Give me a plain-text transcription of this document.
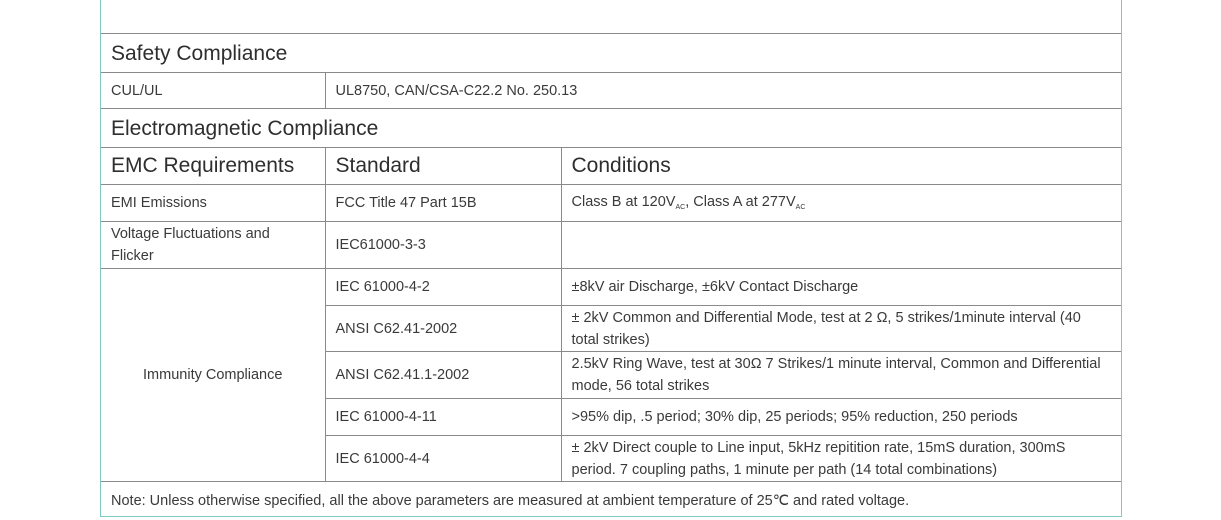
Safety Compliance		
CUL/UL	UL8750, CAN/CSA-C22.2 No. 250.13	
Electromagnetic Compliance		
EMC Requirements	Standard	Conditions
EMI Emissions	FCC Title 47 Part 15B	Class B at $120V_{AC}$, Class A at $277V_{AC}$
Voltage Fluctuations and Flicker	IEC61000-3-3	
Immunity Compliance	IEC 61000-4-2	±8kV air Discharge, ±6kV Contact Discharge
	ANSI C62.41-2002	± 2kV Common and Differential Mode, test at 2 Ω, 5 strikes/1minute interval (40 total strikes)
	ANSI C62.41.1-2002	2.5kV Ring Wave, test at 30Ω 7 Strikes/1 minute interval, Common and Differential mode, 56 total strikes
	IEC 61000-4-11	>95% dip, .5 period; 30% dip, 25 periods; 95% reduction, 250 periods
	IEC 61000-4-4	± 2kV Direct couple to Line input, 5kHz repitition rate, 15mS duration, 300mS period. 7 coupling paths, 1 minute per path (14 total combinations)
Note: Unless otherwise specified, all the above parameters are measured at ambient temperature of 25℃ and rated voltage.		
